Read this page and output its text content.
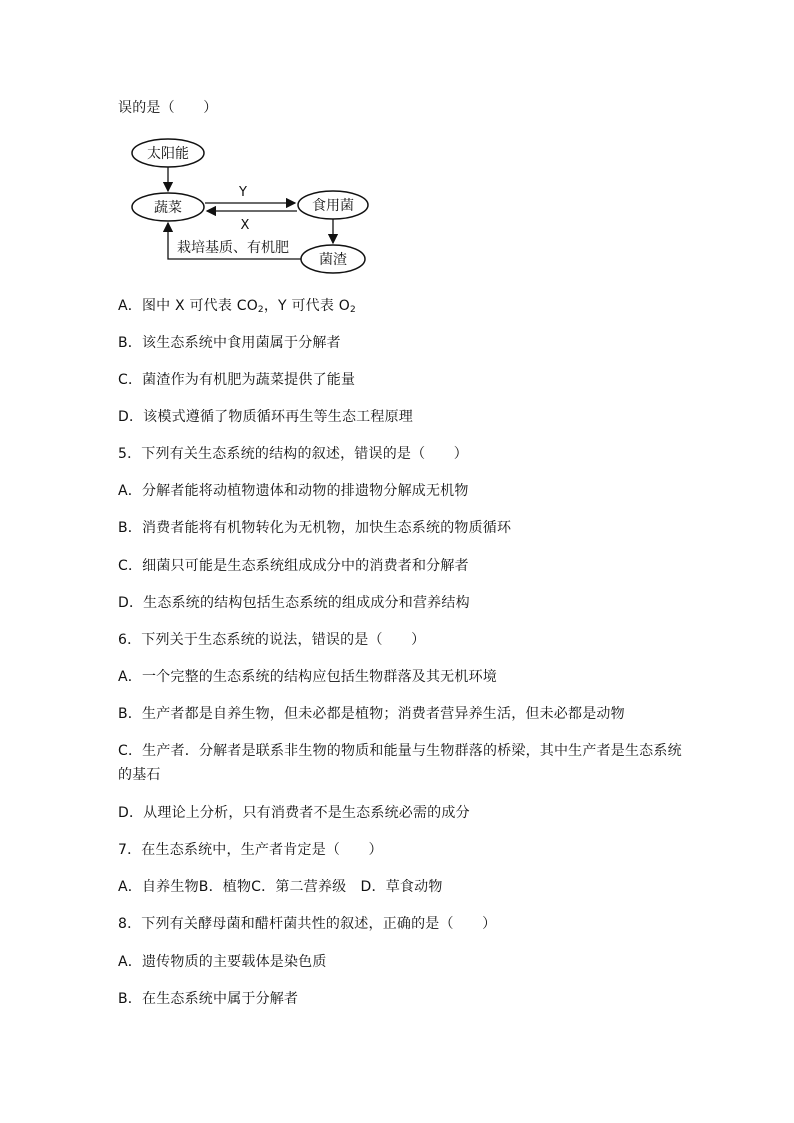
误的是（　　）
太阳能
蔬菜	食用菌
菌渣
Y
X
栽培基质、有机肥
A．图中 X 可代表 $CO_2$，Y 可代表 $O_2$
B．该生态系统中食用菌属于分解者
C．菌渣作为有机肥为蔬菜提供了能量
D．该模式遵循了物质循环再生等生态工程原理
5．下列有关生态系统的结构的叙述，错误的是（　　）
A．分解者能将动植物遗体和动物的排遗物分解成无机物
B．消费者能将有机物转化为无机物，加快生态系统的物质循环
C．细菌只可能是生态系统组成成分中的消费者和分解者
D．生态系统的结构包括生态系统的组成成分和营养结构
6．下列关于生态系统的说法，错误的是（　　）
A．一个完整的生态系统的结构应包括生物群落及其无机环境
B．生产者都是自养生物，但未必都是植物；消费者营异养生活，但未必都是动物
C．生产者．分解者是联系非生物的物质和能量与生物群落的桥梁，其中生产者是生态系统的基石
D．从理论上分析，只有消费者不是生态系统必需的成分
7．在生态系统中，生产者肯定是（　　）
A．自养生物B．植物C．第二营养级　D．草食动物
8．下列有关酵母菌和醋杆菌共性的叙述，正确的是（　　）
A．遗传物质的主要载体是染色质
B．在生态系统中属于分解者
